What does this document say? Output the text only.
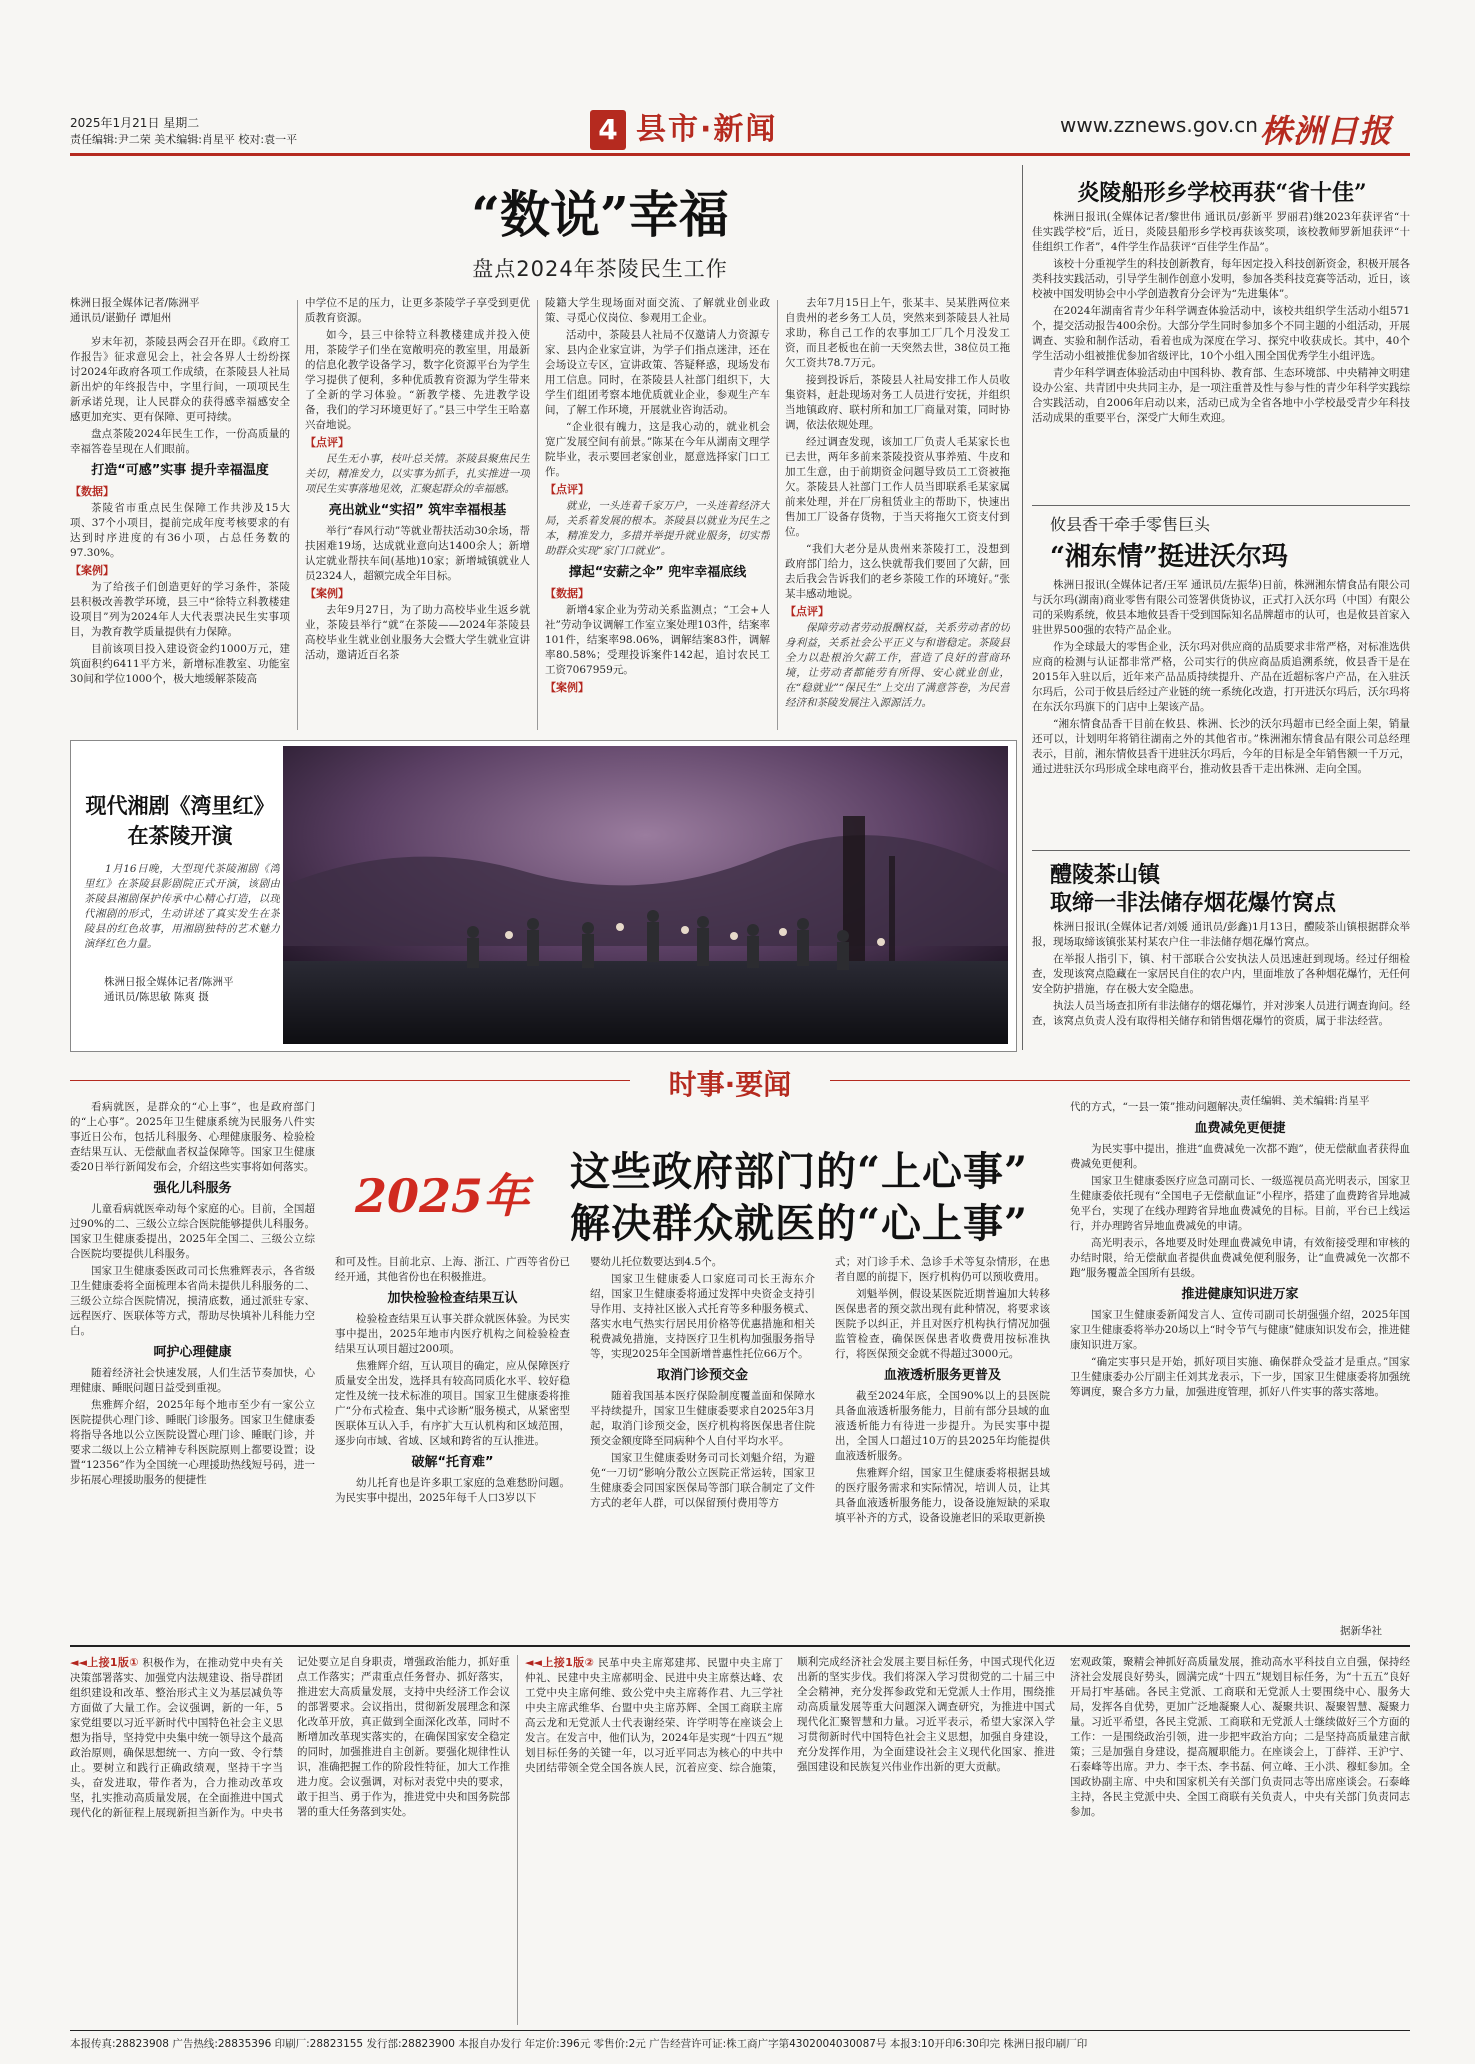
2025年1月21日 星期二
责任编辑:尹二荣 美术编辑:肖星平 校对:袁一平	4 县市·新闻	www.zznews.gov.cn 株洲日报
“数说”幸福
盘点2024年茶陵民生工作
株洲日报全媒体记者/陈洲平
通讯员/谌勤仔 谭旭州

岁末年初，茶陵县两会召开在即。《政府工作报告》征求意见会上，社会各界人士纷纷探讨2024年政府各项工作成绩，在茶陵县人社局新出炉的年终报告中，字里行间，一项项民生新承诺兑现，让人民群众的获得感幸福感安全感更加充实、更有保障、更可持续。

盘点茶陵2024年民生工作，一份高质量的幸福答卷呈现在人们眼前。

打造“可感”实事 提升幸福温度

【数据】

茶陵省市重点民生保障工作共涉及15大项、37个小项目，提前完成年度考核要求的有达到时序进度的有36小项，占总任务数的97.30%。

【案例】

为了给孩子们创造更好的学习条件，茶陵县积极改善教学环境，县三中“徐特立科教楼建设项目”列为2024年人大代表票决民生实事项目，为教育教学质量提供有力保障。

目前该项目投入建设资金约1000万元，建筑面积约6411平方米，新增标准教室、功能室30间和学位1000个，极大地缓解茶陵高

中学位不足的压力，让更多茶陵学子享受到更优质教育资源。

如今，县三中徐特立科教楼建成并投入使用，茶陵学子们坐在宽敞明亮的教室里，用最新的信息化教学设备学习，数字化资源平台为学生学习提供了便利，多种优质教育资源为学生带来了全新的学习体验。“新教学楼、先进教学设备，我们的学习环境更好了。”县三中学生王哈嘉兴奋地说。

【点评】

民生无小事，枝叶总关情。茶陵县聚焦民生关切，精准发力，以实事为抓手，扎实推进一项项民生实事落地见效，汇聚起群众的幸福感。

亮出就业“实招” 筑牢幸福根基

举行“春风行动”等就业帮扶活动30余场，帮扶困难19场，达成就业意向达1400余人；新增认定就业帮扶车间(基地)10家；新增城镇就业人员2324人，超额完成全年目标。

【案例】

去年9月27日，为了助力高校毕业生返乡就业，茶陵县举行“就”在茶陵——2024年茶陵县高校毕业生就业创业服务大会暨大学生就业宣讲活动，邀请近百名茶

陵籍大学生现场面对面交流、了解就业创业政策、寻觅心仪岗位、参观用工企业。

活动中，茶陵县人社局不仅邀请人力资源专家、县内企业家宣讲，为学子们指点迷津，还在会场设立专区，宣讲政策、答疑释惑，现场发布用工信息。同时，在茶陵县人社部门组织下，大学生们组团考察本地优质就业企业，参观生产车间，了解工作环境，开展就业咨询活动。

“企业很有魄力，这是我心动的，就业机会宽广发展空间有前景。”陈某在今年从湖南文理学院毕业，表示要回老家创业，愿意选择家门口工作。

【点评】

就业，一头连着千家万户，一头连着经济大局，关系着发展的根本。茶陵县以就业为民生之本，精准发力，多措并举提升就业服务，切实帮助群众实现“家门口就业”。

撑起“安薪之伞” 兜牢幸福底线

【数据】

新增4家企业为劳动关系监测点；“工会+人社”劳动争议调解工作室立案处理103件，结案率101件，结案率98.06%，调解结案83件，调解率80.58%；受理投诉案件142起，追讨农民工工资7067959元。

【案例】

去年7月15日上午，张某丰、吴某胜两位来自贵州的老乡务工人员，突然来到茶陵县人社局求助，称自己工作的农事加工厂几个月没发工资，而且老板也在前一天突然去世，38位员工拖欠工资共78.7万元。

接到投诉后，茶陵县人社局安排工作人员收集资料，赶赴现场对务工人员进行安抚，并组织当地镇政府、联村所和加工厂商量对策，同时协调，依法依规处理。

经过调查发现，该加工厂负责人毛某家长也已去世，两年多前来茶陵投资从事养殖、牛皮和加工生意，由于前期资金问题导致员工工资被拖欠。茶陵县人社部门工作人员当即联系毛某家属前来处理，并在厂房租赁业主的帮助下，快速出售加工厂设备存货物，于当天将拖欠工资支付到位。

“我们大老分是从贵州来茶陵打工，没想到政府部门给力，这么快就帮我们要回了欠薪，回去后我会告诉我们的老乡茶陵工作的环境好。”张某丰感动地说。

【点评】

保障劳动者劳动报酬权益，关系劳动者的切身利益，关系社会公平正义与和谐稳定。茶陵县全力以赴根治欠薪工作，营造了良好的营商环境，让劳动者都能劳有所得、安心就业创业，在“稳就业”“保民生”上交出了满意答卷，为民营经济和茶陵发展注入源源活力。

现代湘剧《湾里红》
在茶陵开演
1月16日晚，大型现代茶陵湘剧《湾里红》在茶陵县影剧院正式开演，该剧由茶陵县湘剧保护传承中心精心打造，以现代湘剧的形式，生动讲述了真实发生在茶陵县的红色故事，用湘剧独特的艺术魅力演绎红色力量。
株洲日报全媒体记者/陈洲平
通讯员/陈思敏 陈爽 摄
炎陵船形乡学校再获“省十佳”

株洲日报讯(全媒体记者/黎世伟 通讯员/彭新平 罗丽君)继2023年获评省“十佳实践学校”后，近日，炎陵县船形乡学校再获该奖项，该校教师罗新旭获评“十佳组织工作者”，4件学生作品获评“百佳学生作品”。

该校十分重视学生的科技创新教育，每年因定投入科技创新资金，积极开展各类科技实践活动，引导学生制作创意小发明，参加各类科技竞赛等活动，近日，该校被中国发明协会中小学创造教育分会评为“先进集体”。

在2024年湖南省青少年科学调查体验活动中，该校共组织学生活动小组571个，提交活动报告400余份。大部分学生同时参加多个不同主题的小组活动，开展调查、实验和制作活动，看着也成为深度在学习、探究中收获成长。其中，40个学生活动小组被推优参加省级评比，10个小组入围全国优秀学生小组评选。

青少年科学调查体验活动由中国科协、教育部、生态环境部、中央精神文明建设办公室、共青团中央共同主办，是一项注重普及性与参与性的青少年科学实践综合实践活动，自2006年启动以来，活动已成为全省各地中小学校最受青少年科技活动成果的重要平台，深受广大师生欢迎。

攸县香干牵手零售巨头
“湘东情”挺进沃尔玛

株洲日报讯(全媒体记者/王军 通讯员/左振华)日前，株洲湘东情食品有限公司与沃尔玛(湖南)商业零售有限公司签署供货协议，正式打入沃尔玛（中国）有限公司的采购系统，攸县本地攸县香干受到国际知名品牌超市的认可，也是攸县首家入驻世界500强的农特产品企业。

作为全球最大的零售企业，沃尔玛对供应商的品质要求非常严格，对标准选供应商的检测与认证都非常严格，公司实行的供应商品质追溯系统，攸县香干是在2015年入驻以后，近年来产品品质持续提升、产品在近超标客户产品，在入驻沃尔玛后，公司于攸县后经过产业链的统一系统化改造，打开进沃尔玛后，沃尔玛将在东沃尔玛旗下的门店中上架该产品。

“湘东情食品香干目前在攸县、株洲、长沙的沃尔玛超市已经全面上架，销量还可以，计划明年将销往湖南之外的其他省市。”株洲湘东情食品有限公司总经理表示，目前，湘东情攸县香干进驻沃尔玛后，今年的目标是全年销售额一千万元，通过进驻沃尔玛形成全球电商平台，推动攸县香干走出株洲、走向全国。

醴陵茶山镇
取缔一非法储存烟花爆竹窝点

株洲日报讯(全媒体记者/刘媛 通讯员/彭鑫)1月13日，醴陵茶山镇根据群众举报，现场取缔该镇张某村某农户住一非法储存烟花爆竹窝点。

在举报人指引下，镇、村干部联合公安执法人员迅速赶到现场。经过仔细检查，发现该窝点隐藏在一家居民自住的农户内，里面堆放了各种烟花爆竹，无任何安全防护措施，存在极大安全隐患。

执法人员当场查扣所有非法储存的烟花爆竹，并对涉案人员进行调查询问。经查，该窝点负责人没有取得相关储存和销售烟花爆竹的资质，属于非法经营。

时事·要闻	责任编辑、美术编辑:肖星平
2025年 这些政府部门的“上心事”
解决群众就医的“心上事”

看病就医，是群众的“心上事”，也是政府部门的“上心事”。2025年卫生健康系统为民服务八件实事近日公布，包括儿科服务、心理健康服务、检验检查结果互认、无偿献血者权益保障等。国家卫生健康委20日举行新闻发布会，介绍这些实事将如何落实。

强化儿科服务

儿童看病就医牵动每个家庭的心。目前，全国超过90%的二、三级公立综合医院能够提供儿科服务。国家卫生健康委提出，2025年全国二、三级公立综合医院均要提供儿科服务。

国家卫生健康委医政司司长焦雅辉表示，各省级卫生健康委将全面梳理本省尚未提供儿科服务的二、三级公立综合医院情况，摸清底数，通过派驻专家、远程医疗、医联体等方式，帮助尽快填补儿科能力空白。

呵护心理健康

随着经济社会快速发展，人们生活节奏加快，心理健康、睡眠问题日益受到重视。

焦雅辉介绍，2025年每个地市至少有一家公立医院提供心理门诊、睡眠门诊服务。国家卫生健康委将指导各地以公立医院设置心理门诊、睡眠门诊，并要求二级以上公立精神专科医院原则上都要设置；设置“12356”作为全国统一心理援助热线短号码，进一步拓展心理援助服务的便捷性

和可及性。目前北京、上海、浙江、广西等省份已经开通，其他省份也在积极推进。

加快检验检查结果互认

检验检查结果互认事关群众就医体验。为民实事中提出，2025年地市内医疗机构之间检验检查结果互认项目超过200项。

焦雅辉介绍，互认项目的确定，应从保障医疗质量安全出发，选择具有较高同质化水平、较好稳定性及统一技术标准的项目。国家卫生健康委将推广“分布式检查、集中式诊断”服务模式，从紧密型医联体互认入手，有序扩大互认机构和区域范围，逐步向市域、省域、区域和跨省的互认推进。

破解“托育难”

幼儿托育也是许多职工家庭的急难愁盼问题。为民实事中提出，2025年每千人口3岁以下

婴幼儿托位数要达到4.5个。

国家卫生健康委人口家庭司司长王海东介绍，国家卫生健康委将通过发挥中央资金支持引导作用、支持社区嵌入式托育等多种服务模式、落实水电气热实行居民用价格等优惠措施和相关税费减免措施，支持医疗卫生机构加强服务指导等，实现2025年全国新增普惠性托位66万个。

取消门诊预交金

随着我国基本医疗保险制度覆盖面和保障水平持续提升，国家卫生健康委要求自2025年3月起，取消门诊预交金，医疗机构将医保患者住院预交金额度降至同病种个人自付平均水平。

国家卫生健康委财务司司长刘魁介绍，为避免“一刀切”影响分散公立医院正常运转，国家卫生健康委会同国家医保局等部门联合制定了文件方式的老年人群，可以保留预付费用等方

式；对门诊手术、急诊手术等复杂情形，在患者自愿的前提下，医疗机构仍可以预收费用。

刘魁举例，假设某医院近期普遍加大转移医保患者的预交款出现有此种情况，将要求该医院予以纠正，并且对医疗机构执行情况加强监管检查，确保医保患者收费费用按标准执行，将医保预交金就不得超过3000元。

血液透析服务更普及

截至2024年底，全国90%以上的县医院具备血液透析服务能力，目前有部分县域的血液透析能力有待进一步提升。为民实事中提出，全国人口超过10万的县2025年均能提供血液透析服务。

焦雅辉介绍，国家卫生健康委将根据县域的医疗服务需求和实际情况，培训人员，让其具备血液透析服务能力，设备设施短缺的采取填平补齐的方式，设备设施老旧的采取更新换

代的方式，“一县一策”推动问题解决。

血费减免更便捷

为民实事中提出，推进“血费减免一次都不跑”，使无偿献血者获得血费减免更便利。

国家卫生健康委医疗应急司副司长、一级巡视员高光明表示，国家卫生健康委依托现有“全国电子无偿献血证”小程序，搭建了血费跨省异地减免平台，实现了在线办理跨省异地血费减免的目标。目前，平台已上线运行，并办理跨省异地血费减免的申请。

高光明表示，各地要及时处理血费减免申请，有效衔接受理和审核的办结时限，给无偿献血者提供血费减免便利服务，让“血费减免一次都不跑”服务覆盖全国所有县级。

推进健康知识进万家

国家卫生健康委新闻发言人、宣传司副司长胡强强介绍，2025年国家卫生健康委将举办20场以上“时令节气与健康”健康知识发布会，推进健康知识进万家。

“确定实事只是开始，抓好项目实施、确保群众受益才是重点。”国家卫生健康委办公厅副主任刘其龙表示，下一步，国家卫生健康委将加强统筹调度，聚合多方力量，加强进度管理，抓好八件实事的落实落地。

据新华社
◄◄上接1版① 积极作为，在推动党中央有关决策部署落实、加强党内法规建设、指导群团组织建设和改革、整治形式主义为基层减负等方面做了大量工作。会议强调，新的一年，5家党组要以习近平新时代中国特色社会主义思想为指导，坚持党中央集中统一领导这个最高政治原则，确保思想统一、方向一致、令行禁止。要树立和践行正确政绩观，坚持干字当头，奋发进取，带作者为，合力推动改革攻坚，扎实推动高质量发展，在全面推进中国式现代化的新征程上展现新担当新作为。中央书记处要立足自身职责，增强政治能力，抓好重点工作落实；严肃重点任务督办、抓好落实，推进宏大高质量发展，支持中央经济工作会议的部署要求。会议指出，贯彻新发展理念和深化改革开放，真正做到全面深化改革，同时不断增加改革现实落实的，在确保国家安全稳定的同时，加强推进自主创新。要强化规律性认识，准确把握工作的阶段性特征，加大工作推进力度。会议强调，对标对表党中央的要求，敢于担当、勇于作为，推进党中央和国务院部署的重大任务落到实处。
◄◄上接1版② 民革中央主席郑建邦、民盟中央主席丁仲礼、民建中央主席郝明金、民进中央主席蔡达峰、农工党中央主席何维、致公党中央主席蒋作君、九三学社中央主席武维华、台盟中央主席苏辉、全国工商联主席高云龙和无党派人士代表谢经荣、许学明等在座谈会上发言。在发言中，他们认为，2024年是实现“十四五”规划目标任务的关键一年，以习近平同志为核心的中共中央团结带领全党全国各族人民，沉着应变、综合施策，顺利完成经济社会发展主要目标任务，中国式现代化迈出新的坚实步伐。我们将深入学习贯彻党的二十届三中全会精神，充分发挥参政党和无党派人士作用，围绕推动高质量发展等重大问题深入调查研究，为推进中国式现代化汇聚智慧和力量。习近平表示，希望大家深入学习贯彻新时代中国特色社会主义思想，加强自身建设，充分发挥作用，为全面建设社会主义现代化国家、推进强国建设和民族复兴伟业作出新的更大贡献。
宏观政策，聚精会神抓好高质量发展，推动高水平科技自立自强，保持经济社会发展良好势头，圆满完成“十四五”规划目标任务，为“十五五”良好开局打牢基础。各民主党派、工商联和无党派人士要围绕中心、服务大局，发挥各自优势，更加广泛地凝聚人心、凝聚共识、凝聚智慧、凝聚力量。习近平希望，各民主党派、工商联和无党派人士继续做好三个方面的工作：一是围绕政治引领，进一步把牢政治方向；二是坚持高质量建言献策；三是加强自身建设，提高履职能力。在座谈会上，丁薛祥、王沪宁、石泰峰等出席。尹力、李干杰、李书磊、何立峰、王小洪、穆虹参加。全国政协副主席、中央和国家机关有关部门负责同志等出席座谈会。石泰峰主持，各民主党派中央、全国工商联有关负责人，中央有关部门负责同志参加。
本报传真:28823908 广告热线:28835396 印刷厂:28823155 发行部:28823900 本报自办发行 年定价:396元 零售价:2元 广告经营许可证:株工商广字第4302004030087号 本报3:10开印6:30印完 株洲日报印刷厂印
